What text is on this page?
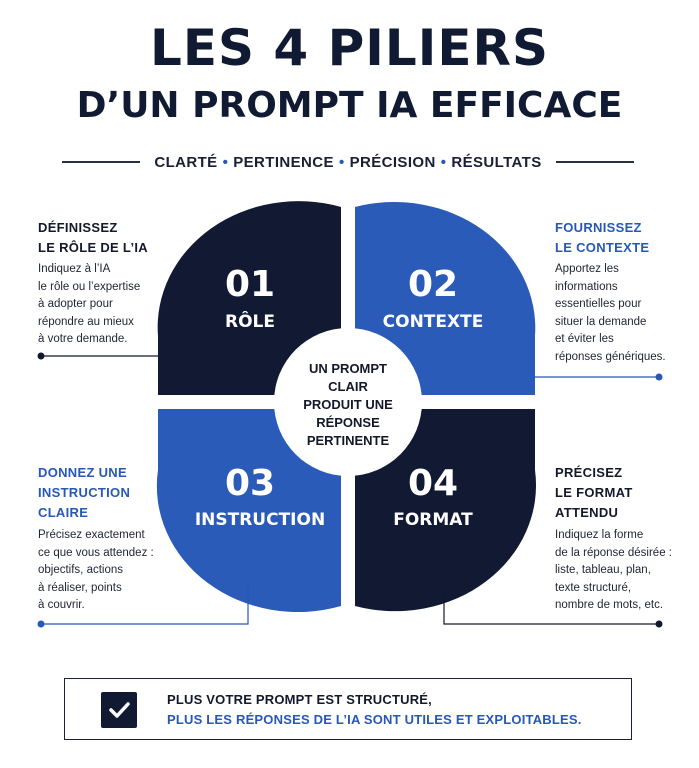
LES 4 PILIERS
D’UN PROMPT IA EFFICACE
CLARTÉ • PERTINENCE • PRÉCISION • RÉSULTATS
01
RÔLE
02
CONTEXTE
03
INSTRUCTION
04
FORMAT
UN PROMPT
CLAIR
PRODUIT UNE
RÉPONSE
PERTINENTE
DÉFINISSEZ
LE RÔLE DE L’IA
Indiquez à l’IA
le rôle ou l’expertise
à adopter pour
répondre au mieux
à votre demande.
FOURNISSEZ
LE CONTEXTE
Apportez les
informations
essentielles pour
situer la demande
et éviter les
réponses génériques.
DONNEZ UNE
INSTRUCTION
CLAIRE
Précisez exactement
ce que vous attendez :
objectifs, actions
à réaliser, points
à couvrir.
PRÉCISEZ
LE FORMAT
ATTENDU
Indiquez la forme
de la réponse désirée :
liste, tableau, plan,
texte structuré,
nombre de mots, etc.
PLUS VOTRE PROMPT EST STRUCTURÉ,
PLUS LES RÉPONSES DE L’IA SONT UTILES ET EXPLOITABLES.
